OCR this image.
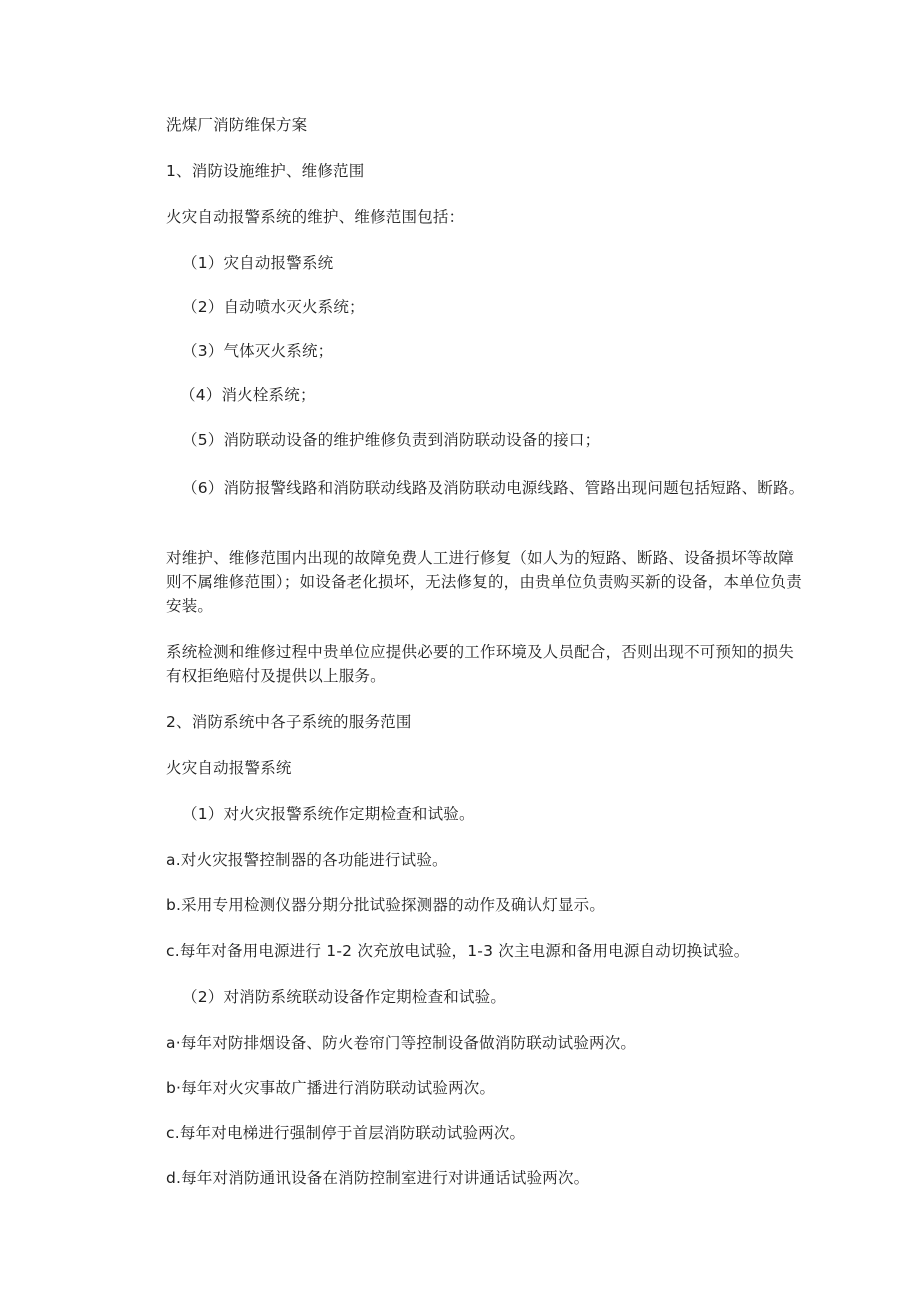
洗煤厂消防维保方案
1、消防设施维护、维修范围
火灾自动报警系统的维护、维修范围包括：
（1）灾自动报警系统
（2）自动喷水灭火系统；
（3）气体灭火系统；
（4）消火栓系统；
（5）消防联动设备的维护维修负责到消防联动设备的接口；
（6）消防报警线路和消防联动线路及消防联动电源线路、管路出现问题包括短路、断路。
对维护、维修范围内出现的故障免费人工进行修复（如人为的短路、断路、设备损坏等故障则不属维修范围）；如设备老化损坏，无法修复的，由贵单位负责购买新的设备，本单位负责安装。
系统检测和维修过程中贵单位应提供必要的工作环境及人员配合，否则出现不可预知的损失有权拒绝赔付及提供以上服务。
2、消防系统中各子系统的服务范围
火灾自动报警系统
（1）对火灾报警系统作定期检查和试验。
a.对火灾报警控制器的各功能进行试验。
b.采用专用检测仪器分期分批试验探测器的动作及确认灯显示。
c.每年对备用电源进行 1-2 次充放电试验，1-3 次主电源和备用电源自动切换试验。
（2）对消防系统联动设备作定期检查和试验。
a·每年对防排烟设备、防火卷帘门等控制设备做消防联动试验两次。
b·每年对火灾事故广播进行消防联动试验两次。
c.每年对电梯进行强制停于首层消防联动试验两次。
d.每年对消防通讯设备在消防控制室进行对讲通话试验两次。
